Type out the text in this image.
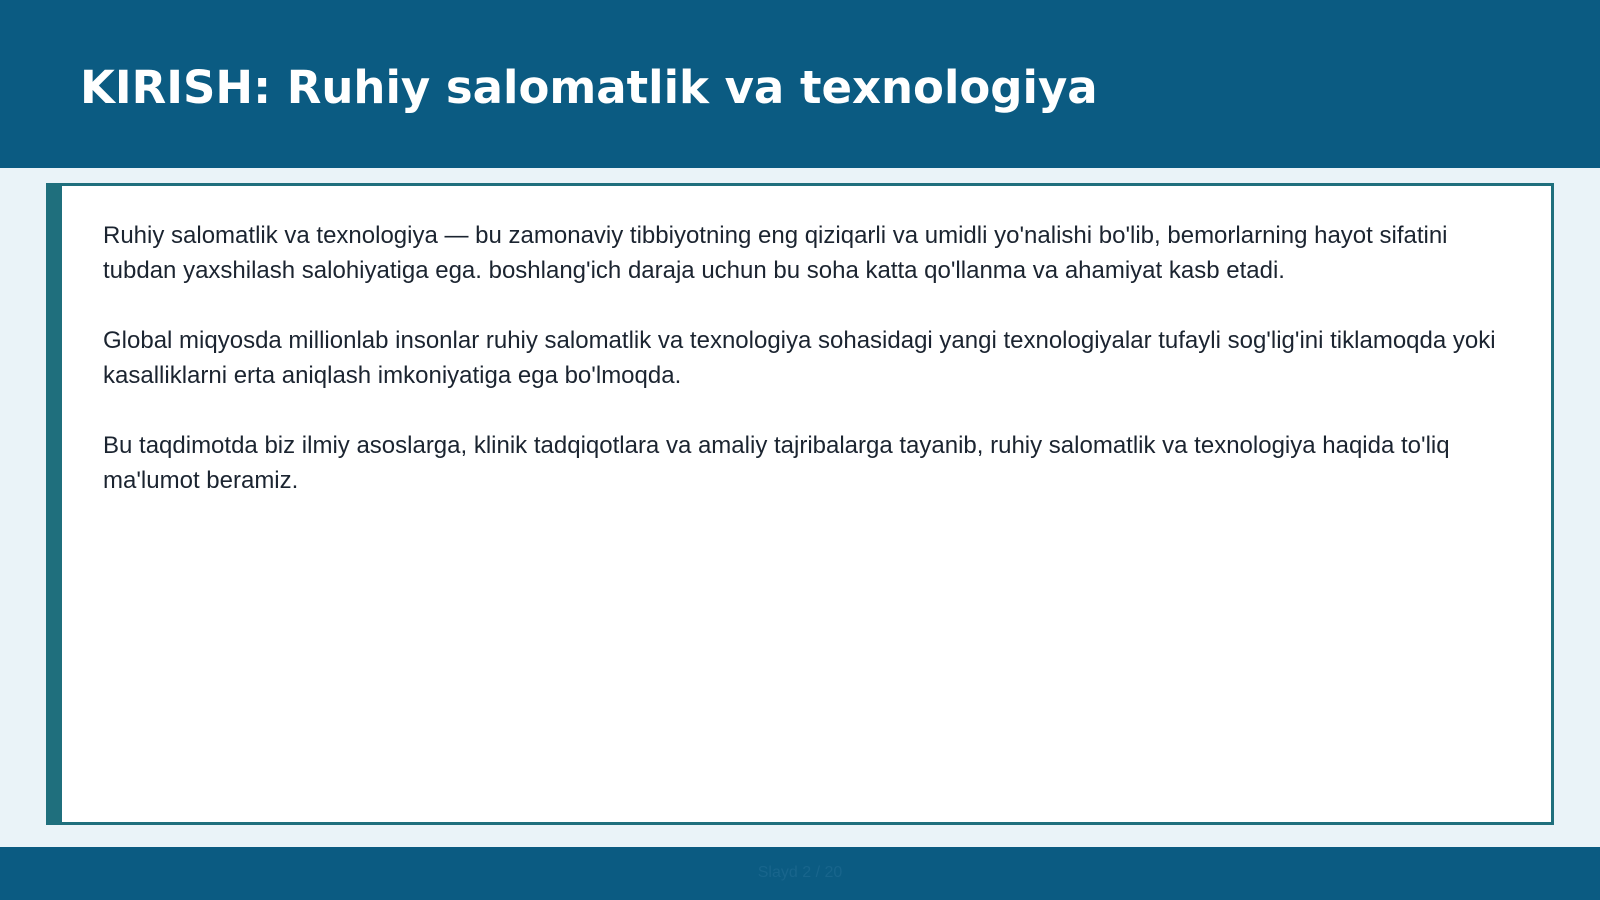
KIRISH: Ruhiy salomatlik va texnologiya

Ruhiy salomatlik va texnologiya — bu zamonaviy tibbiyotning eng qiziqarli va umidli yo'nalishi bo'lib, bemorlarning hayot sifatini tubdan yaxshilash salohiyatiga ega. boshlang'ich daraja uchun bu soha katta qo'llanma va ahamiyat kasb etadi.

Global miqyosda millionlab insonlar ruhiy salomatlik va texnologiya sohasidagi yangi texnologiyalar tufayli sog'lig'ini tiklamoqda yoki kasalliklarni erta aniqlash imkoniyatiga ega bo'lmoqda.

Bu taqdimotda biz ilmiy asoslarga, klinik tadqiqotlara va amaliy tajribalarga tayanib, ruhiy salomatlik va texnologiya haqida to'liq ma'lumot beramiz.

Slayd 2 / 20
